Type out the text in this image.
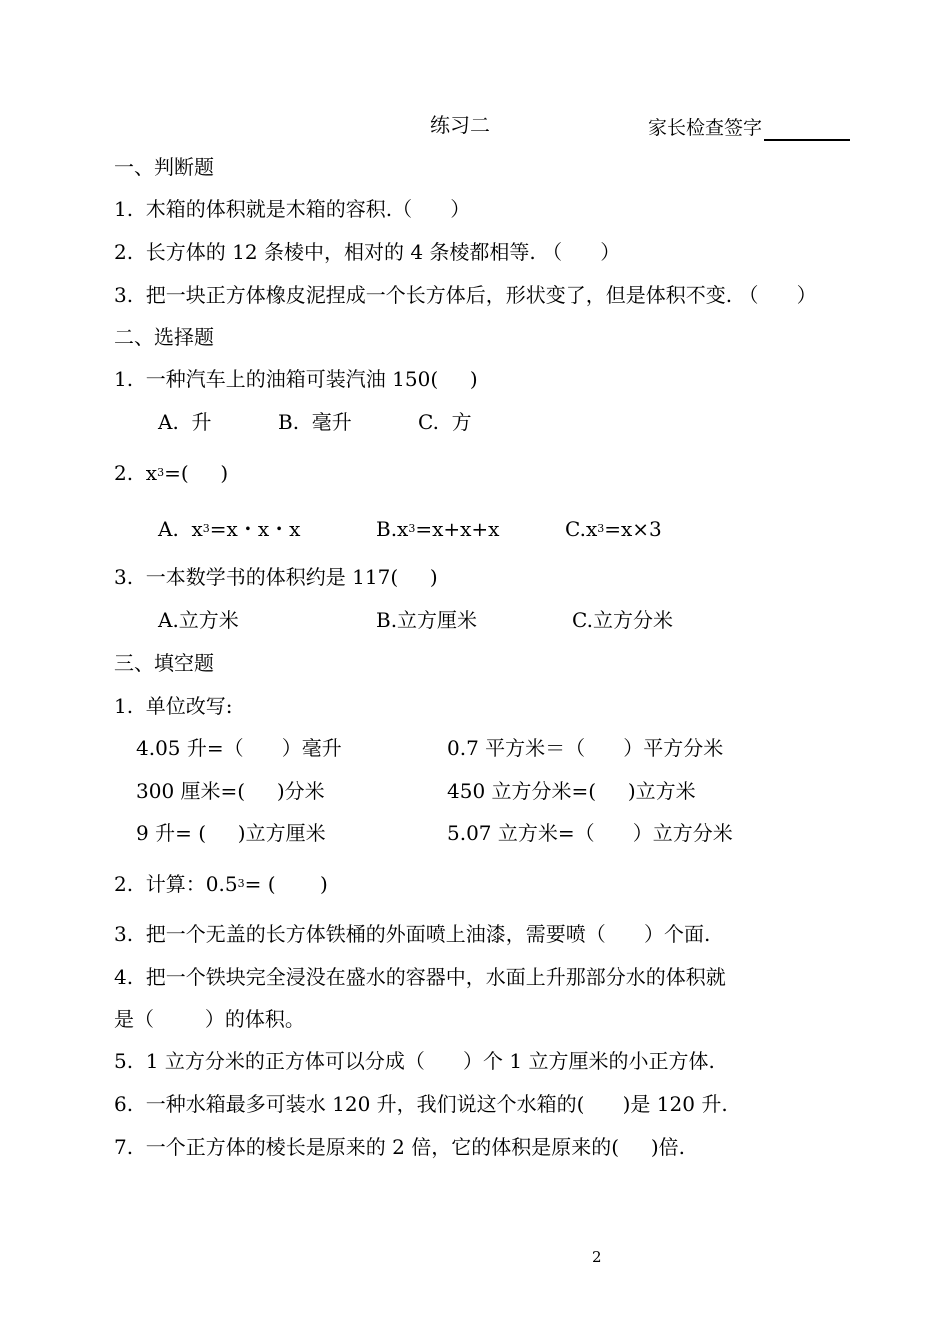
练习二	家长检查签字
一、判断题
1.  木箱的体积就是木箱的容积.（      ）
2.  长方体的 12 条棱中，相对的 4 条棱都相等. （      ）
3.  把一块正方体橡皮泥捏成一个长方体后，形状变了，但是体积不变. （      ）
二、选择题
1.  一种汽车上的油箱可装汽油 150(     )
A.  升	B.  毫升	C.  方
2.  $x^3=$(     )
A.  $x^3=x$・x・x	$B.x^3=x+x+x$	$C.x^3=x\times 3$
3.  一本数学书的体积约是 117(     )
A.立方米	B.立方厘米	C.立方分米
三、填空题
1.  单位改写:
4.05 升=（      ）毫升	0.7 平方米＝（      ）平方分米
300 厘米=(     )分米	450 立方分米=(     )立方米
9 升= (     )立方厘米	5.07 立方米=（      ）立方分米
2.  计算：$0.5^3=$ (       )
3.  把一个无盖的长方体铁桶的外面喷上油漆，需要喷（      ）个面.
4.  把一个铁块完全浸没在盛水的容器中，水面上升那部分水的体积就
是（        ）的体积。
5.  1 立方分米的正方体可以分成（      ）个 1 立方厘米的小正方体.
6.  一种水箱最多可装水 120 升，我们说这个水箱的(      )是 120 升.
7.  一个正方体的棱长是原来的 2 倍，它的体积是原来的(     )倍.
2
